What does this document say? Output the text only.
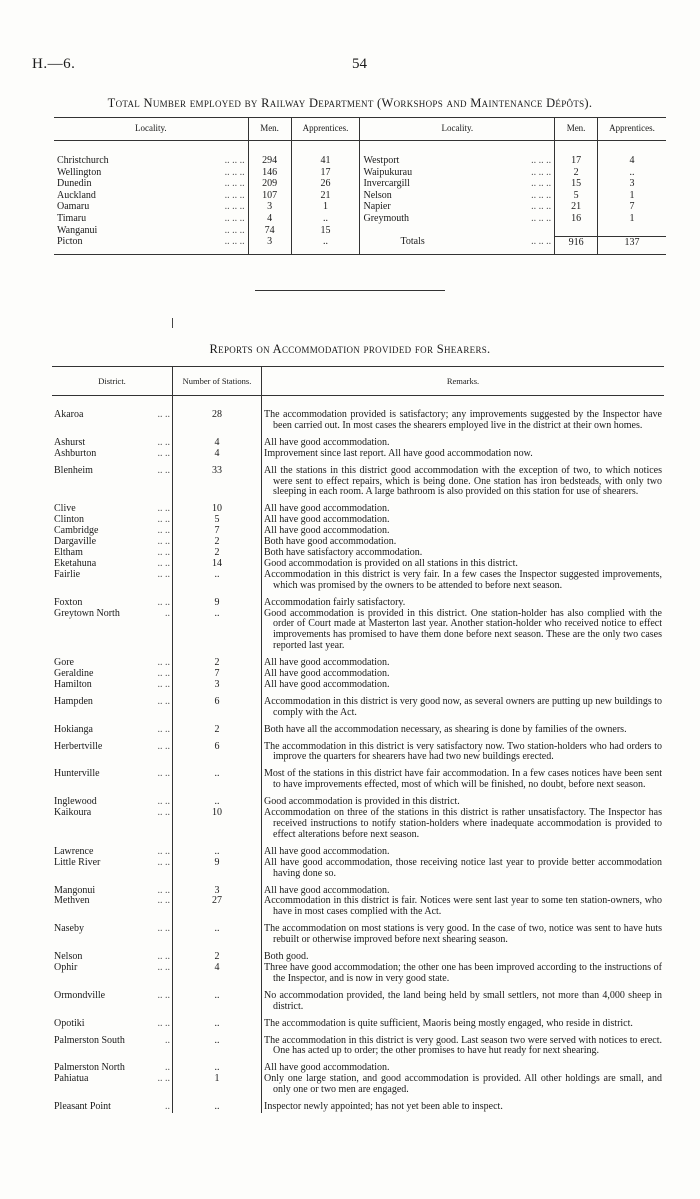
H.—6.	54
Total Number employed by Railway Department (Workshops and Maintenance Dépôts).
Locality.	Men.	Apprentices.	Locality.	Men.	Apprentices.
Christchurch .. .. ..	294	41	Westport .. .. ..	17	4
Wellington .. .. ..	146	17	Waipukurau .. .. ..	2	..
Dunedin .. .. ..	209	26	Invercargill .. .. ..	15	3
Auckland .. .. ..	107	21	Nelson .. .. ..	5	1
Oamaru .. .. ..	3	1	Napier .. .. ..	21	7
Timaru .. .. ..	4	..	Greymouth .. .. ..	16	1
Wanganui .. .. ..	74	15			
Picton .. .. ..	3	..	Totals .. .. ..	916	137
Reports on Accommodation provided for Shearers.
District.	Number of Stations.	Remarks.
Akaroa .. ..	28	The accommodation provided is satisfactory; any improvements suggested by the Inspector have been carried out. In most cases the shearers employed live in the district at their own homes.

Ashurst .. ..	4	All have good accommodation.

Ashburton .. ..	4	Improvement since last report. All have good accommodation now.

Blenheim .. ..	33	All the stations in this district good accommodation with the exception of two, to which notices were sent to effect repairs, which is being done. One station has iron bedsteads, with only two sleeping in each room. A large bathroom is also provided on this station for use of shearers.

Clive .. ..	10	All have good accommodation.

Clinton .. ..	5	All have good accommodation.

Cambridge .. ..	7	All have good accommodation.

Dargaville .. ..	2	Both have good accommodation.

Eltham .. ..	2	Both have satisfactory accommodation.

Eketahuna .. ..	14	Good accommodation is provided on all stations in this district.

Fairlie .. ..	..	Accommodation in this district is very fair. In a few cases the Inspector suggested improvements, which was promised by the owners to be attended to before next season.

Foxton .. ..	9	Accommodation fairly satisfactory.

Greytown North ..	..	Good accommodation is provided in this district. One station-holder has also complied with the order of Court made at Masterton last year. Another station-holder who received notice to effect improvements has promised to have them done before next season. These are the only two cases reported last year.

Gore .. ..	2	All have good accommodation.

Geraldine .. ..	7	All have good accommodation.

Hamilton .. ..	3	All have good accommodation.

Hampden .. ..	6	Accommodation in this district is very good now, as several owners are putting up new buildings to comply with the Act.

Hokianga .. ..	2	Both have all the accommodation necessary, as shearing is done by families of the owners.

Herbertville .. ..	6	The accommodation in this district is very satisfactory now. Two station-holders who had orders to improve the quarters for shearers have had two new buildings erected.

Hunterville .. ..	..	Most of the stations in this district have fair accommodation. In a few cases notices have been sent to have improvements effected, most of which will be finished, no doubt, before next season.

Inglewood .. ..	..	Good accommodation is provided in this district.

Kaikoura .. ..	10	Accommodation on three of the stations in this district is rather unsatisfactory. The Inspector has received instructions to notify station-holders where inadequate accommodation is provided to effect alterations before next season.

Lawrence .. ..	..	All have good accommodation.

Little River .. ..	9	All have good accommodation, those receiving notice last year to provide better accommodation having done so.

Mangonui .. ..	3	All have good accommodation.

Methven .. ..	27	Accommodation in this district is fair. Notices were sent last year to some ten station-owners, who have in most cases complied with the Act.

Naseby .. ..	..	The accommodation on most stations is very good. In the case of two, notice was sent to have huts rebuilt or otherwise improved before next shearing season.

Nelson .. ..	2	Both good.

Ophir .. ..	4	Three have good accommodation; the other one has been improved according to the instructions of the Inspector, and is now in very good state.

Ormondville .. ..	..	No accommodation provided, the land being held by small settlers, not more than 4,000 sheep in district.

Opotiki .. ..	..	The accommodation is quite sufficient, Maoris being mostly engaged, who reside in district.

Palmerston South ..	..	The accommodation in this district is very good. Last season two were served with notices to erect. One has acted up to order; the other promises to have hut ready for next shearing.

Palmerston North ..	..	All have good accommodation.

Pahiatua .. ..	1	Only one large station, and good accommodation is provided. All other holdings are small, and only one or two men are engaged.

Pleasant Point ..	..	Inspector newly appointed; has not yet been able to inspect.
